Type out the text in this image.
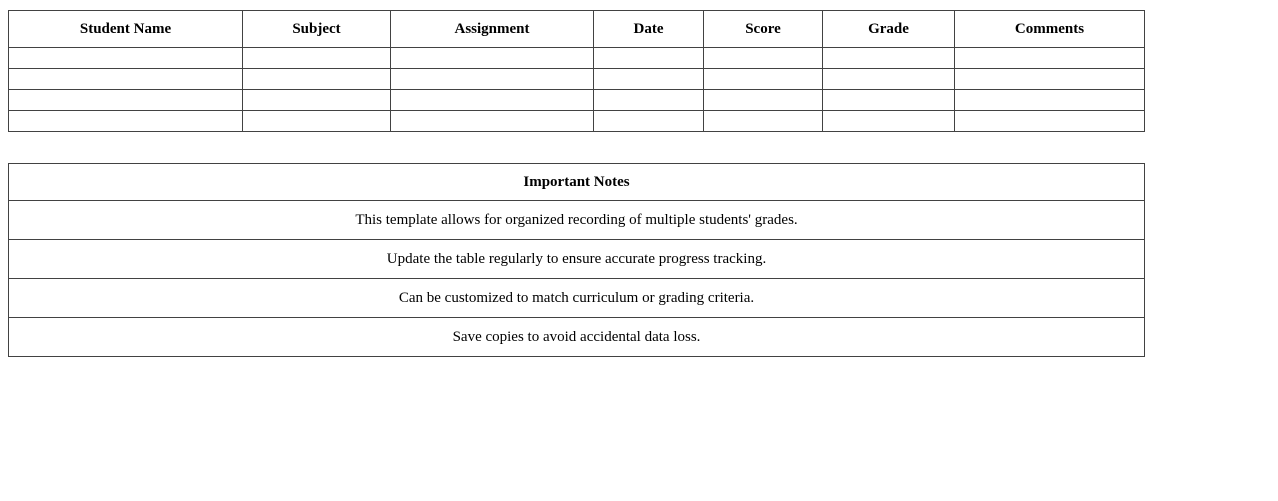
Student Name	Subject	Assignment	Date	Score	Grade	Comments

Important Notes
This template allows for organized recording of multiple students' grades.
Update the table regularly to ensure accurate progress tracking.
Can be customized to match curriculum or grading criteria.
Save copies to avoid accidental data loss.
